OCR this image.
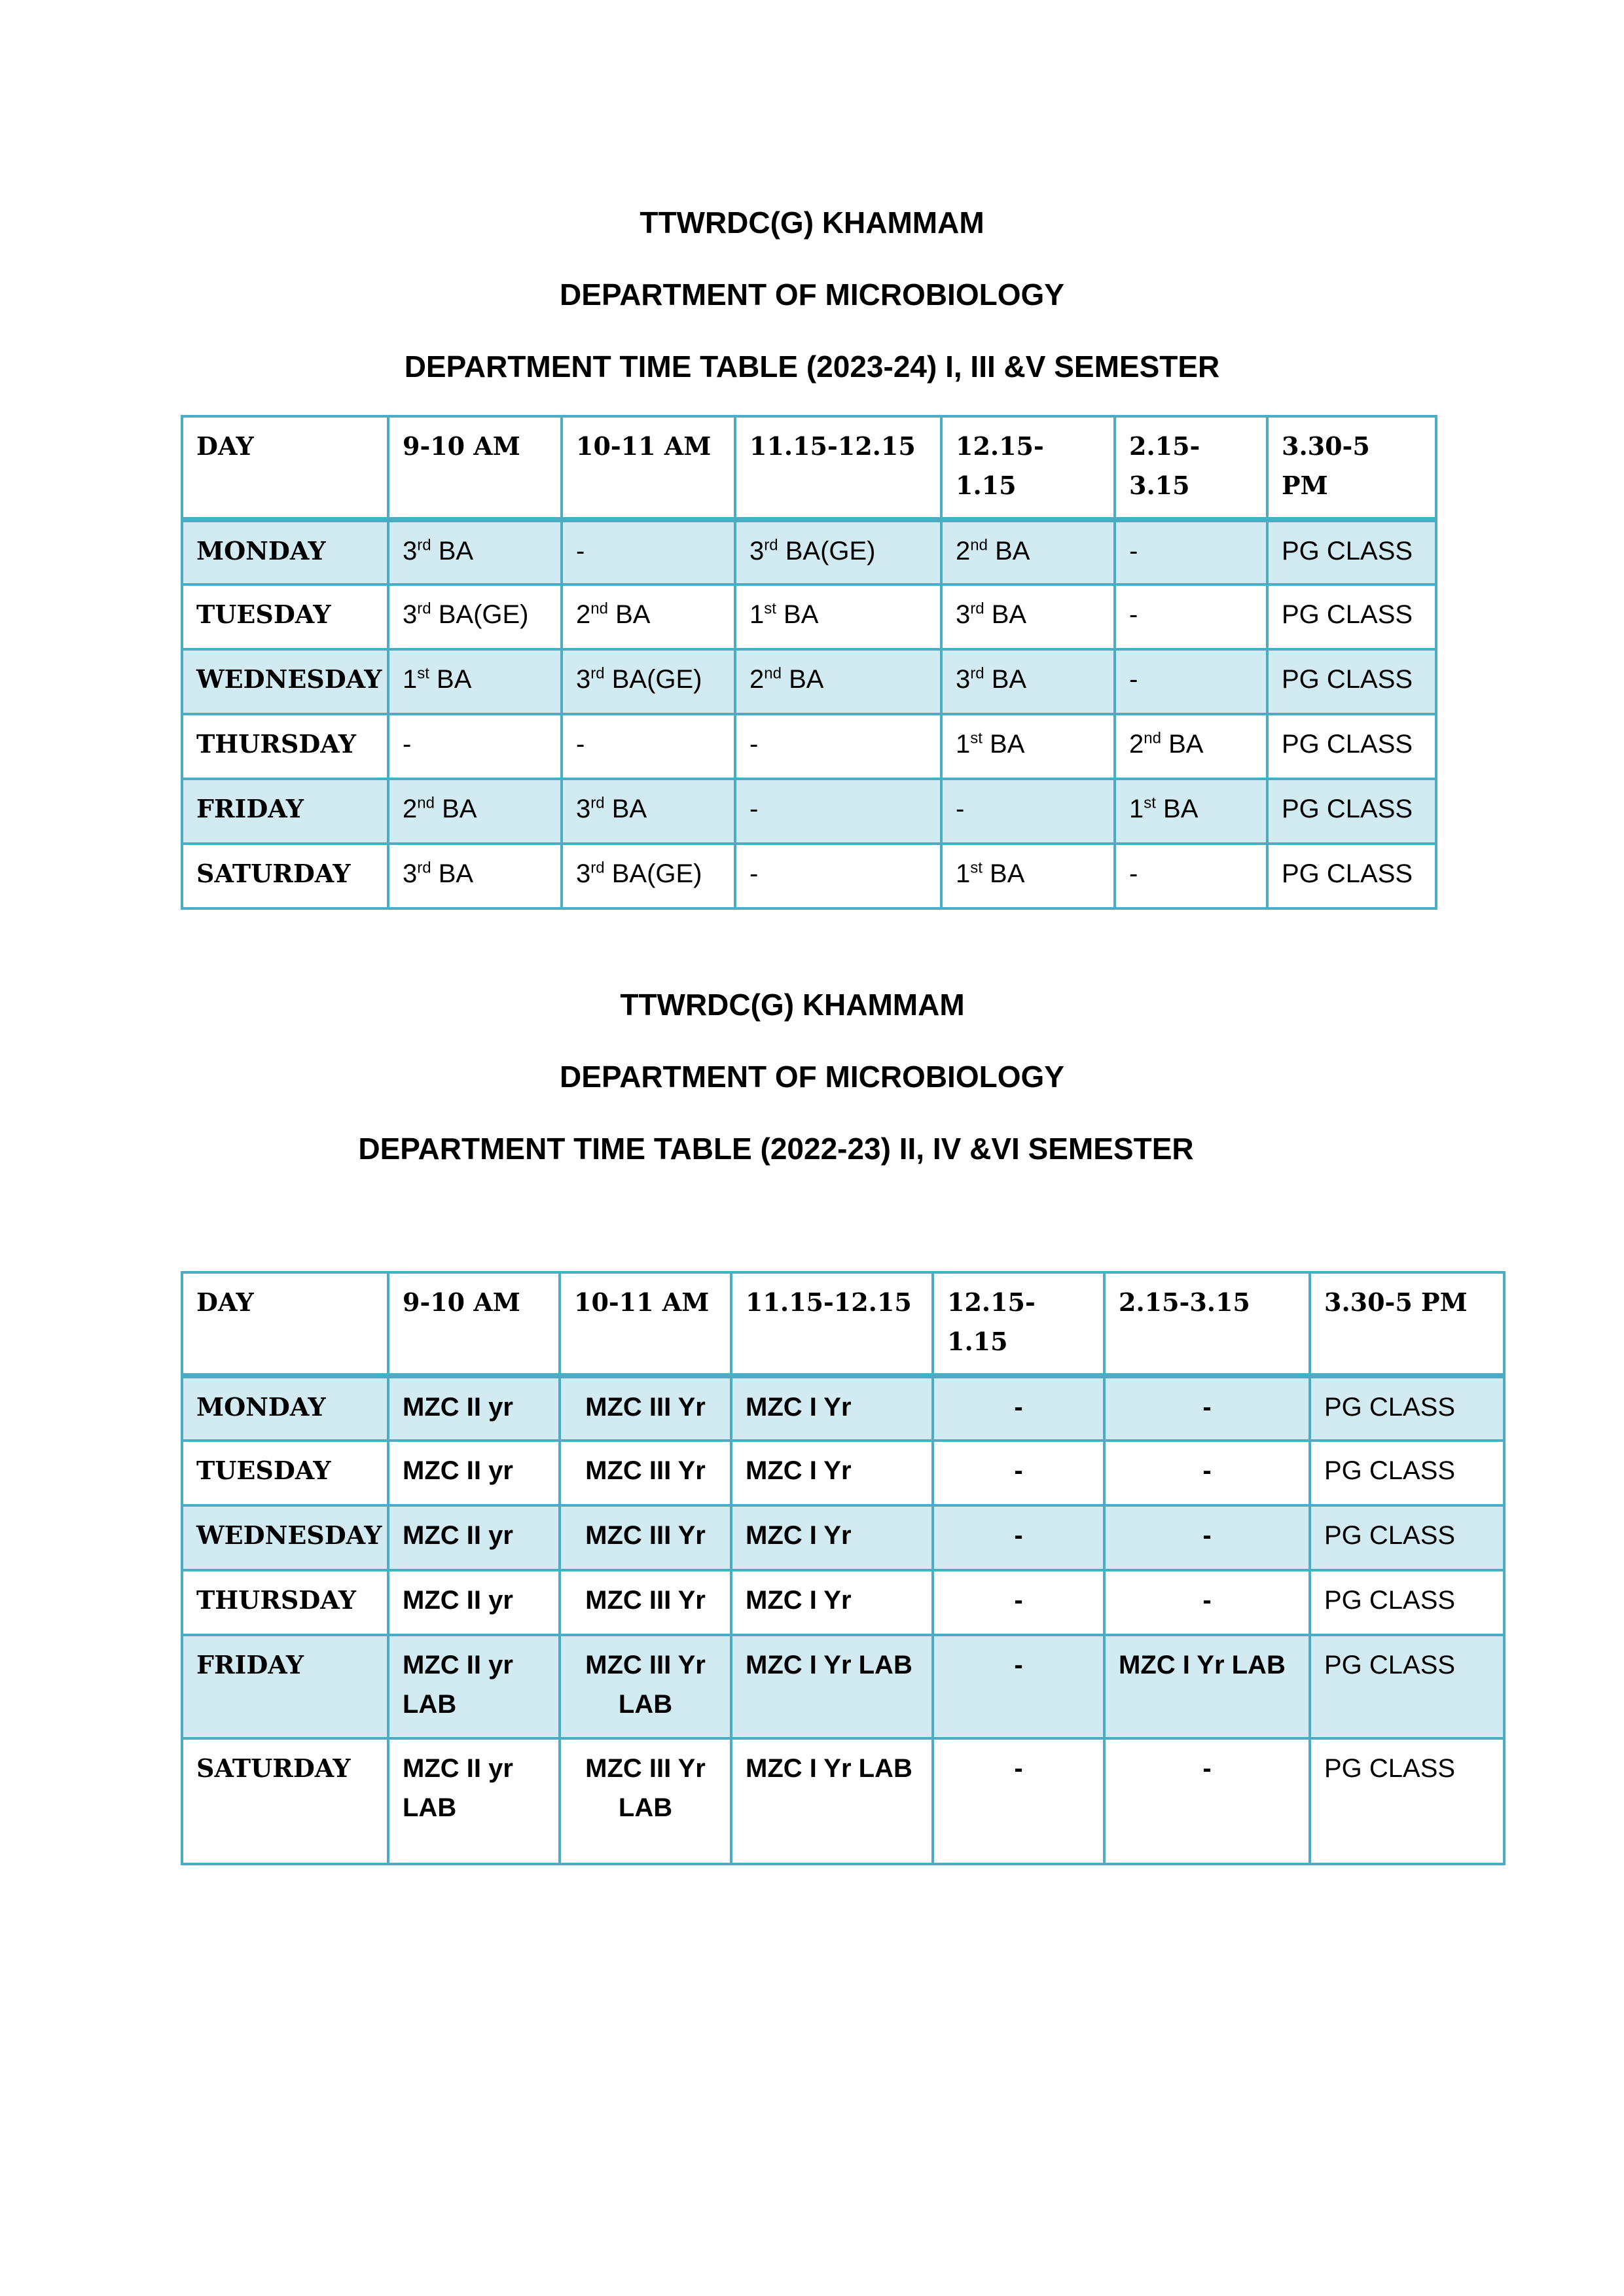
TTWRDC(G) KHAMMAM
DEPARTMENT OF MICROBIOLOGY
DEPARTMENT TIME TABLE (2023-24) I, III &V SEMESTER
DAY	9-10 AM	10-11 AM	11.15-12.15	12.15-1.15	2.15-3.15	3.30-5 PM
MONDAY	3rd BA	-	3rd BA(GE)	2nd BA	-	PG CLASS
TUESDAY	3rd BA(GE)	2nd BA	1st BA	3rd BA	-	PG CLASS
WEDNESDAY	1st BA	3rd BA(GE)	2nd BA	3rd BA	-	PG CLASS
THURSDAY	-	-	-	1st BA	2nd BA	PG CLASS
FRIDAY	2nd BA	3rd BA	-	-	1st BA	PG CLASS
SATURDAY	3rd BA	3rd BA(GE)	-	1st BA	-	PG CLASS
TTWRDC(G) KHAMMAM
DEPARTMENT OF MICROBIOLOGY
DEPARTMENT TIME TABLE (2022-23) II, IV &VI SEMESTER
DAY	9-10 AM	10-11 AM	11.15-12.15	12.15-1.15	2.15-3.15	3.30-5 PM
MONDAY	MZC II yr	MZC III Yr	MZC I Yr	-	-	PG CLASS
TUESDAY	MZC II yr	MZC III Yr	MZC I Yr	-	-	PG CLASS
WEDNESDAY	MZC II yr	MZC III Yr	MZC I Yr	-	-	PG CLASS
THURSDAY	MZC II yr	MZC III Yr	MZC I Yr	-	-	PG CLASS
FRIDAY	MZC II yr LAB	MZC III Yr LAB	MZC I Yr LAB	-	MZC I Yr LAB	PG CLASS
SATURDAY	MZC II yr LAB	MZC III Yr LAB	MZC I Yr LAB	-	-	PG CLASS
